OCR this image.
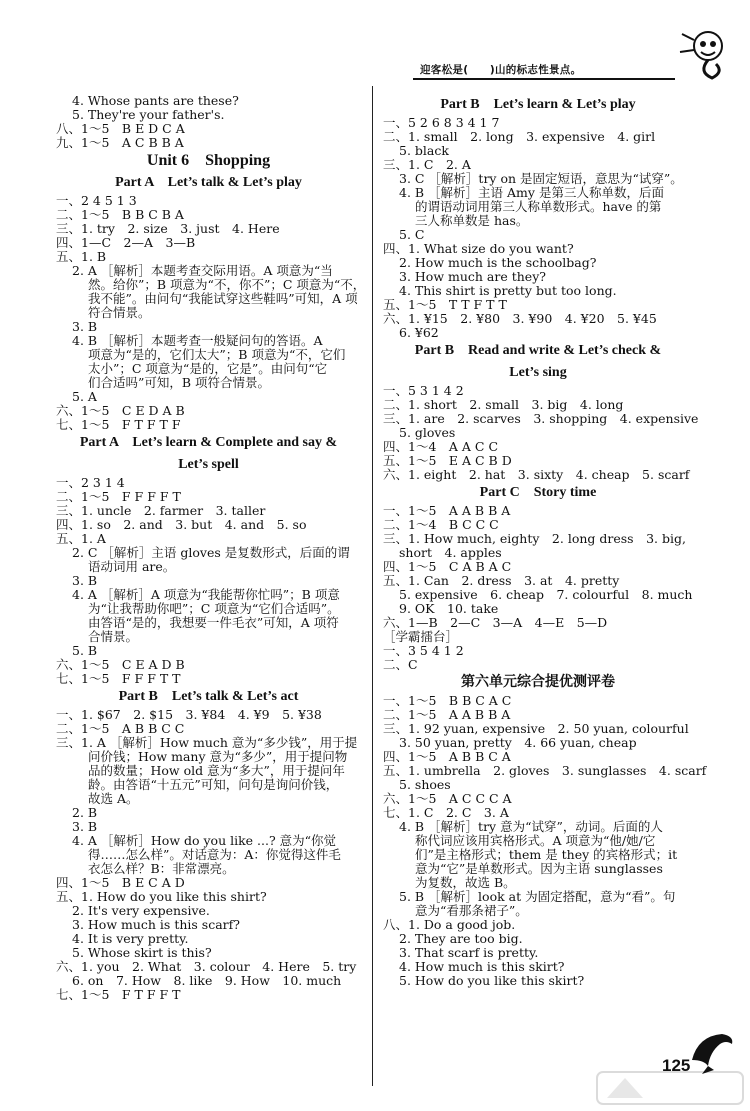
迎客松是(　　)山的标志性景点。
4. Whose pants are these?
5. They're your father's.
八、1～5　B E D C A
九、1～5　A C B B A
Unit 6　Shopping
Part A　Let’s talk & Let’s play
一、2 4 5 1 3
二、1～5　B B C B A
三、1. try　2. size　3. just　4. Here
四、1—C　2—A　3—B
五、1. B
2. A ［解析］本题考查交际用语。A 项意为“当
然。给你”；B 项意为“不，你不”；C 项意为“不，
我不能”。由问句“我能试穿这些鞋吗”可知，A 项
符合情景。
3. B
4. B ［解析］本题考查一般疑问句的答语。A
项意为“是的，它们太大”；B 项意为“不，它们
太小”；C 项意为“是的，它是”。由问句“它
们合适吗”可知，B 项符合情景。
5. A
六、1～5　C E D A B
七、1～5　F T F T F
Part A　Let’s learn & Complete and say &
Let’s spell
一、2 3 1 4
二、1～5　F F F F T
三、1. uncle　2. farmer　3. taller
四、1. so　2. and　3. but　4. and　5. so
五、1. A
2. C ［解析］主语 gloves 是复数形式，后面的谓
语动词用 are。
3. B
4. A ［解析］A 项意为“我能帮你忙吗”；B 项意
为“让我帮助你吧”；C 项意为“它们合适吗”。
由答语“是的，我想要一件毛衣”可知，A 项符
合情景。
5. B
六、1～5　C E A D B
七、1～5　F F F T T
Part B　Let’s talk & Let’s act
一、1. $67　2. $15　3. ¥84　4. ¥9　5. ¥38
二、1～5　A B B C C
三、1. A ［解析］How much 意为“多少钱”，用于提
问价钱；How many 意为“多少”，用于提问物
品的数量；How old 意为“多大”，用于提问年
龄。由答语“十五元”可知，问句是询问价钱，
故选 A。
2. B
3. B
4. A ［解析］How do you like ...? 意为“你觉
得……怎么样”。对话意为：A：你觉得这件毛
衣怎么样？B：非常漂亮。
四、1～5　B E C A D
五、1. How do you like this shirt?
2. It's very expensive.
3. How much is this scarf?
4. It is very pretty.
5. Whose skirt is this?
六、1. you　2. What　3. colour　4. Here　5. try
6. on　7. How　8. like　9. How　10. much
七、1～5　F T F F T
Part B　Let’s learn & Let’s play
一、5 2 6 8 3 4 1 7
二、1. small　2. long　3. expensive　4. girl
5. black
三、1. C　2. A
3. C ［解析］try on 是固定短语，意思为“试穿”。
4. B ［解析］主语 Amy 是第三人称单数，后面
的谓语动词用第三人称单数形式。have 的第
三人称单数是 has。
5. C
四、1. What size do you want?
2. How much is the schoolbag?
3. How much are they?
4. This shirt is pretty but too long.
五、1～5　T T F T T
六、1. ¥15　2. ¥80　3. ¥90　4. ¥20　5. ¥45
6. ¥62
Part B　Read and write & Let’s check &
Let’s sing
一、5 3 1 4 2
二、1. short　2. small　3. big　4. long
三、1. are　2. scarves　3. shopping　4. expensive
5. gloves
四、1～4　A A C C
五、1～5　E A C B D
六、1. eight　2. hat　3. sixty　4. cheap　5. scarf
Part C　Story time
一、1～5　A A B B A
二、1～4　B C C C
三、1. How much, eighty　2. long dress　3. big,
short　4. apples
四、1～5　C A B A C
五、1. Can　2. dress　3. at　4. pretty
5. expensive　6. cheap　7. colourful　8. much
9. OK　10. take
六、1—B　2—C　3—A　4—E　5—D
［学霸擂台］
一、3 5 4 1 2
二、C
第六单元综合提优测评卷
一、1～5　B B C A C
二、1～5　A A B B A
三、1. 92 yuan, expensive　2. 50 yuan, colourful
3. 50 yuan, pretty　4. 66 yuan, cheap
四、1～5　A B B C A
五、1. umbrella　2. gloves　3. sunglasses　4. scarf
5. shoes
六、1～5　A C C C A
七、1. C　2. C　3. A
4. B ［解析］try 意为“试穿”，动词。后面的人
称代词应该用宾格形式。A 项意为“他/她/它
们”是主格形式；them 是 they 的宾格形式；it
意为“它”是单数形式。因为主语 sunglasses
为复数，故选 B。
5. B ［解析］look at 为固定搭配，意为“看”。句
意为“看那条裙子”。
八、1. Do a good job.
2. They are too big.
3. That scarf is pretty.
4. How much is this skirt?
5. How do you like this skirt?
125
